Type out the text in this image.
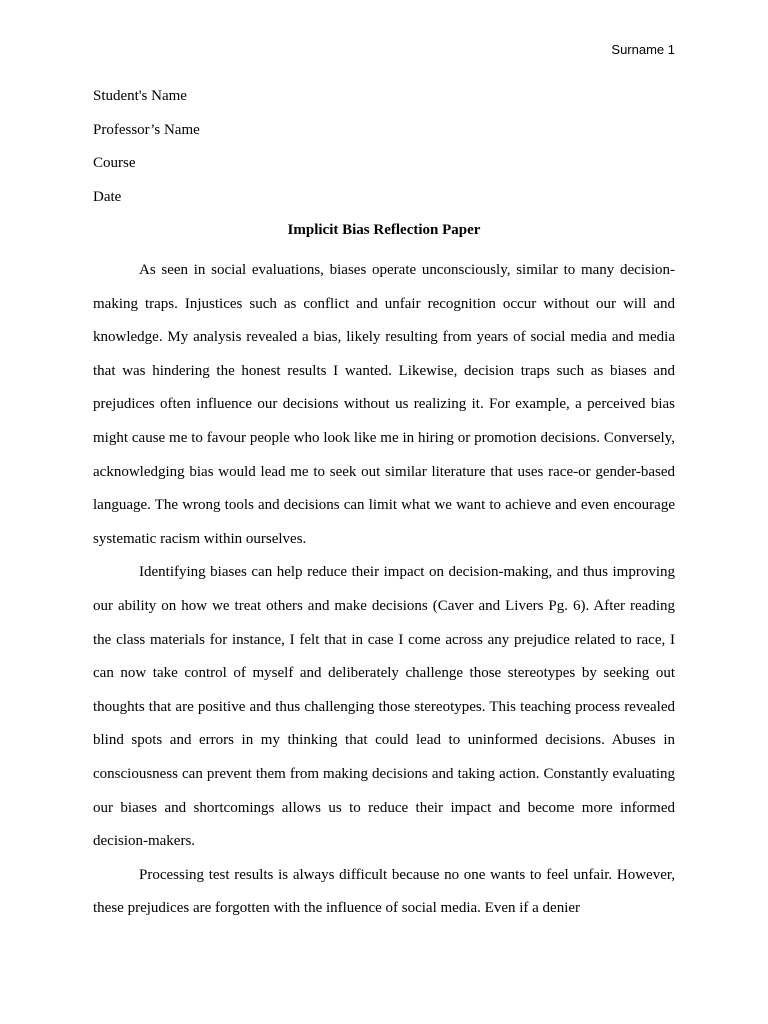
Surname 1

Student's Name

Professor’s Name

Course

Date

Implicit Bias Reflection Paper

As seen in social evaluations, biases operate unconsciously, similar to many decision-making traps. Injustices such as conflict and unfair recognition occur without our will and knowledge. My analysis revealed a bias, likely resulting from years of social media and media that was hindering the honest results I wanted. Likewise, decision traps such as biases and prejudices often influence our decisions without us realizing it. For example, a perceived bias might cause me to favour people who look like me in hiring or promotion decisions. Conversely, acknowledging bias would lead me to seek out similar literature that uses race-or gender-based language. The wrong tools and decisions can limit what we want to achieve and even encourage systematic racism within ourselves.

Identifying biases can help reduce their impact on decision-making, and thus improving our ability on how we treat others and make decisions (Caver and Livers Pg. 6). After reading the class materials for instance, I felt that in case I come across any prejudice related to race, I can now take control of myself and deliberately challenge those stereotypes by seeking out thoughts that are positive and thus challenging those stereotypes. This teaching process revealed blind spots and errors in my thinking that could lead to uninformed decisions. Abuses in consciousness can prevent them from making decisions and taking action. Constantly evaluating our biases and shortcomings allows us to reduce their impact and become more informed decision-makers.

Processing test results is always difficult because no one wants to feel unfair. However, these prejudices are forgotten with the influence of social media. Even if a denier
